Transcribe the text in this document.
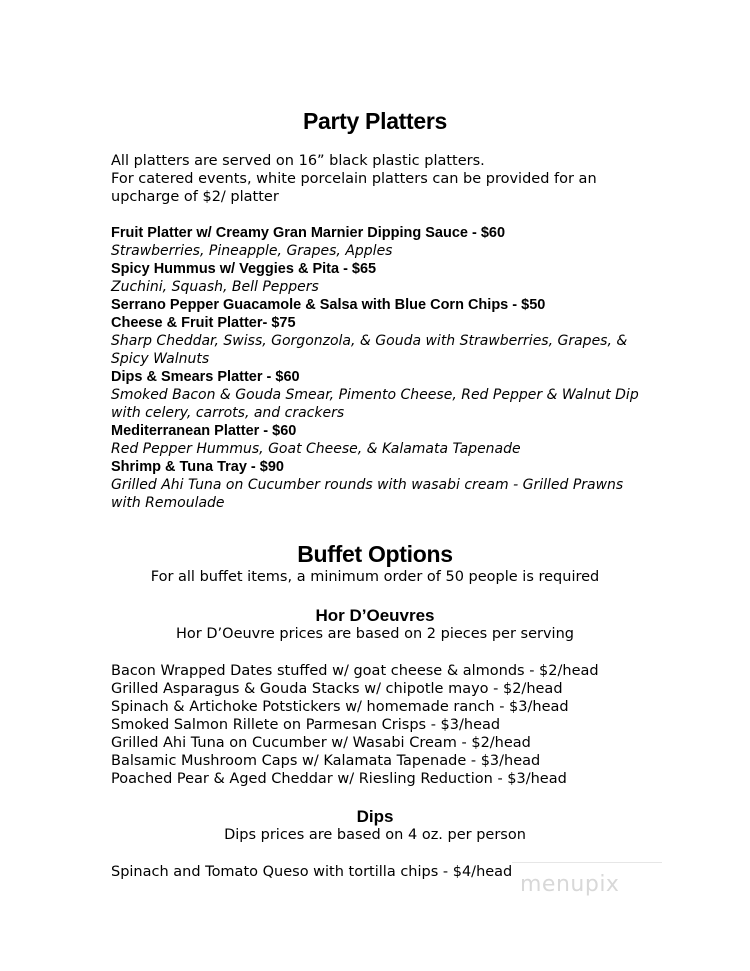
Party Platters
All platters are served on 16” black plastic platters.
For catered events, white porcelain platters can be provided for an upcharge of $2/ platter
Fruit Platter w/ Creamy Gran Marnier Dipping Sauce - $60
Strawberries, Pineapple, Grapes, Apples
Spicy Hummus w/ Veggies & Pita - $65
Zuchini, Squash, Bell Peppers
Serrano Pepper Guacamole & Salsa with Blue Corn Chips - $50
Cheese & Fruit Platter- $75
Sharp Cheddar, Swiss, Gorgonzola, & Gouda with Strawberries, Grapes, & Spicy Walnuts
Dips & Smears Platter - $60
Smoked Bacon & Gouda Smear, Pimento Cheese, Red Pepper & Walnut Dip with celery, carrots, and crackers
Mediterranean Platter - $60
Red Pepper Hummus, Goat Cheese, & Kalamata Tapenade
Shrimp & Tuna Tray - $90
Grilled Ahi Tuna on Cucumber rounds with wasabi cream - Grilled Prawns with Remoulade
Buffet Options
For all buffet items, a minimum order of 50 people is required
Hor D’Oeuvres
Hor D’Oeuvre prices are based on 2 pieces per serving
Bacon Wrapped Dates stuffed w/ goat cheese & almonds - $2/head
Grilled Asparagus & Gouda Stacks w/ chipotle mayo - $2/head
Spinach & Artichoke Potstickers w/ homemade ranch - $3/head
Smoked Salmon Rillete on Parmesan Crisps - $3/head
Grilled Ahi Tuna on Cucumber w/ Wasabi Cream - $2/head
Balsamic Mushroom Caps w/ Kalamata Tapenade - $3/head
Poached Pear & Aged Cheddar w/ Riesling Reduction - $3/head
Dips
Dips prices are based on 4 oz. per person
Spinach and Tomato Queso with tortilla chips - $4/head menupix
